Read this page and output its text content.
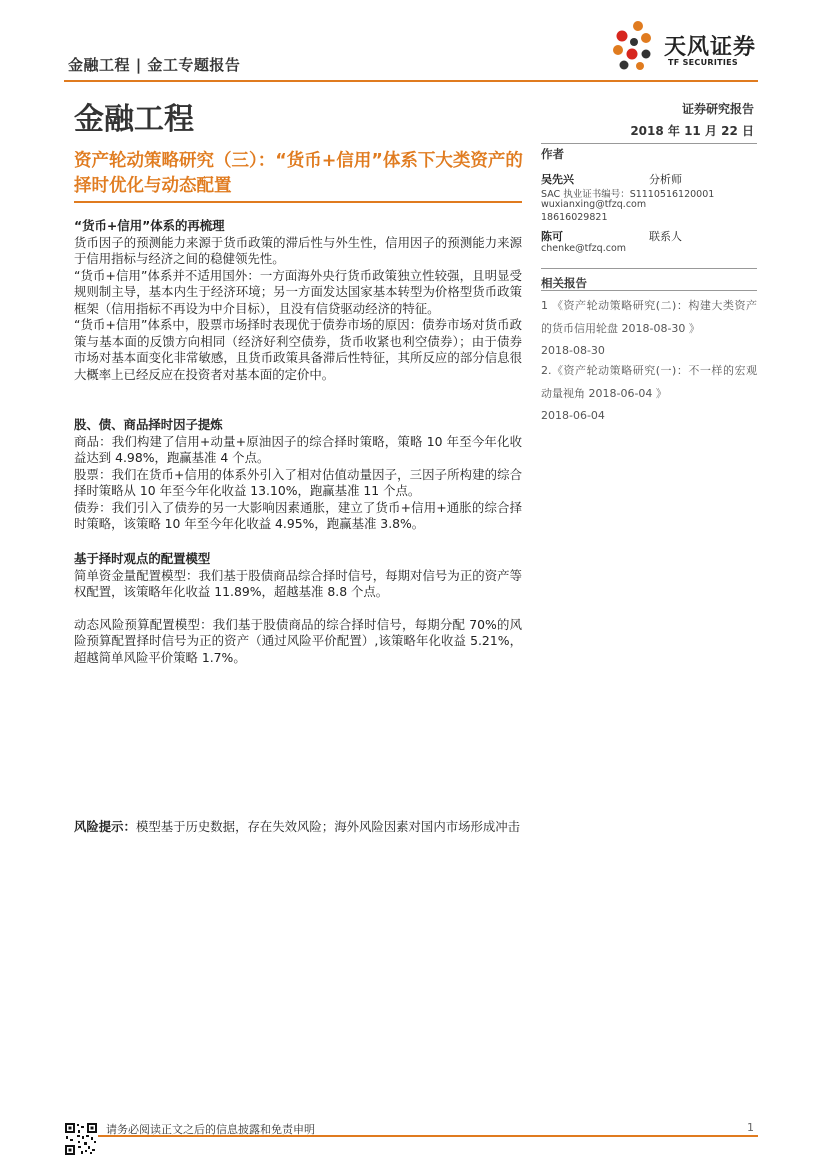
金融工程 | 金工专题报告
天风证券
TF SECURITIES
金融工程	证券研究报告
2018 年 11 月 22 日
资产轮动策略研究（三）：“货币+信用”体系下大类资产的择时优化与动态配置
作者
吴先兴	分析师
SAC 执业证书编号：S1110516120001
wuxianxing@tfzq.com
18616029821
陈可	联系人
chenke@tfzq.com
相关报告
1 《资产轮动策略研究(二)：构建大类资产的货币信用轮盘 2018-08-30 》
2018-08-30
2.《资产轮动策略研究(一)：不一样的宏观动量视角 2018-06-04 》
2018-06-04

“货币+信用”体系的再梳理

货币因子的预测能力来源于货币政策的滞后性与外生性，信用因子的预测能力来源于信用指标与经济之间的稳健领先性。

“货币+信用”体系并不适用国外：一方面海外央行货币政策独立性较强，且明显受规则制主导，基本内生于经济环境；另一方面发达国家基本转型为价格型货币政策框架（信用指标不再设为中介目标），且没有信贷驱动经济的特征。

“货币+信用”体系中，股票市场择时表现优于债券市场的原因：债券市场对货币政策与基本面的反馈方向相同（经济好利空债券，货币收紧也利空债券）；由于债券市场对基本面变化非常敏感，且货币政策具备滞后性特征，其所反应的部分信息很大概率上已经反应在投资者对基本面的定价中。

股、债、商品择时因子提炼

商品：我们构建了信用+动量+原油因子的综合择时策略，策略 10 年至今年化收益达到 4.98%，跑赢基准 4 个点。

股票：我们在货币+信用的体系外引入了相对估值动量因子，三因子所构建的综合择时策略从 10 年至今年化收益 13.10%，跑赢基准 11 个点。

债券：我们引入了债券的另一大影响因素通胀，建立了货币+信用+通胀的综合择时策略，该策略 10 年至今年化收益 4.95%，跑赢基准 3.8%。

基于择时观点的配置模型

简单资金量配置模型：我们基于股债商品综合择时信号，每期对信号为正的资产等权配置，该策略年化收益 11.89%，超越基准 8.8 个点。

动态风险预算配置模型：我们基于股债商品的综合择时信号，每期分配 70%的风险预算配置择时信号为正的资产（通过风险平价配置）,该策略年化收益 5.21%，超越简单风险平价策略 1.7%。

风险提示：模型基于历史数据，存在失效风险；海外风险因素对国内市场形成冲击
请务必阅读正文之后的信息披露和免责申明	1
